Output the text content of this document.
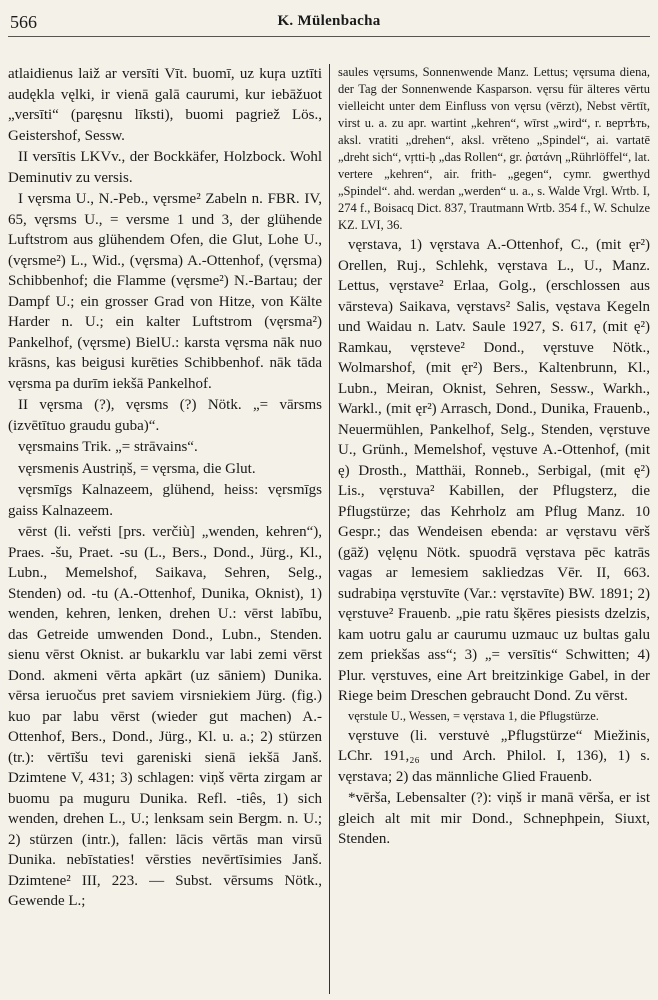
566	K. Mülenbacha

atlaidienus laiž ar versīti Vīt. buomī, uz kuŗa uztīti audękla vęlki, ir vienā galā caurumi, kur iebāžuot „versīti“ (paręsnu līksti), buomi pagriež Lös., Geistershof, Sessw.

II versītis LKVv., der Bockkäfer, Holzbock. Wohl Deminutiv zu versis.

I vęrsma U., N.-Peb., vęrsme² Zabeln n. FBR. IV, 65, vęrsms U., = versme 1 und 3, der glühende Luftstrom aus glühendem Ofen, die Glut, Lohe U., (vęrsme²) L., Wid., (vęrsma) A.-Ottenhof, (vęrsma) Schibbenhof; die Flamme (vęrsme²) N.-Bartau; der Dampf U.; ein grosser Grad von Hitze, von Kälte Harder n. U.; ein kalter Luftstrom (vęrsma²) Pankelhof, (vęrsme) BielU.: karsta vęrsma nāk nuo krāsns, kas beigusi kurēties Schibbenhof. nāk tāda vęrsma pa durīm iekšā Pankelhof.

II vęrsma (?), vęrsms (?) Nötk. „= vārsms (izvētītuo graudu guba)“.

vęrsmains Trik. „= strāvains“.

vęrsmenis Austriņš, = vęrsma, die Glut.

vęrsmīgs Kalnazeem, glühend, heiss: vęrsmīgs gaiss Kalnazeem.

vērst (li. veřsti [prs. verčiù] „wenden, kehren“), Praes. -šu, Praet. -su (L., Bers., Dond., Jürg., Kl., Lubn., Memelshof, Saikava, Sehren, Selg., Stenden) od. -tu (A.-Ottenhof, Dunika, Oknist), 1) wenden, kehren, lenken, drehen U.: vērst labību, das Getreide umwenden Dond., Lubn., Stenden. sienu vērst Oknist. ar bukarklu var labi zemi vērst Dond. akmeni vērta apkārt (uz sāniem) Dunika. vērsa ieruočus pret saviem virsniekiem Jürg. (fig.) kuo par labu vērst (wieder gut machen) A.-Ottenhof, Bers., Dond., Jürg., Kl. u. a.; 2) stürzen (tr.): vērtīšu tevi gareniski sienā iekšā Janš. Dzimtene V, 431; 3) schlagen: viņš vērta zirgam ar buomu pa muguru Dunika. Refl. -tiês, 1) sich wenden, drehen L., U.; lenksam sein Bergm. n. U.; 2) stürzen (intr.), fallen: lācis vērtās man virsū Dunika. nebīstaties! vērsties nevērtīsimies Janš. Dzimtene² III, 223. — Subst. vērsums Nötk., Gewende L.;

saules vęrsums, Sonnenwende Manz. Lettus; vęrsuma diena, der Tag der Sonnenwende Kasparson. vęrsu für älteres vērtu vielleicht unter dem Einfluss von vęrsu (vērzt), Nebst vērtīt, virst u. a. zu apr. wartint „kehren“, wīrst „wird“, r. вертѣть, aksl. vratiti „drehen“, aksl. vrěteno „Spindel“, ai. vartatē „dreht sich“, vŗtti-ḥ „das Rollen“, gr. ῥατάνη „Rührlöffel“, lat. vertere „kehren“, air. frith- „gegen“, cymr. gwerthyd „Spindel“. ahd. werdan „werden“ u. a., s. Walde Vrgl. Wrtb. I, 274 f., Boisacq Dict. 837, Trautmann Wrtb. 354 f., W. Schulze KZ. LVI, 36.

vęrstava, 1) vęrstava A.-Ottenhof, C., (mit ęr²) Orellen, Ruj., Schlehk, vęrstava L., U., Manz. Lettus, vęrstave² Erlaa, Golg., (erschlossen aus vārsteva) Saikava, vęrstavs² Salis, vęstava Kegeln und Waidau n. Latv. Saule 1927, S. 617, (mit ę²) Ramkau, vęrsteve² Dond., vęrstuve Nötk., Wolmarshof, (mit ęr²) Bers., Kaltenbrunn, Kl., Lubn., Meiran, Oknist, Sehren, Sessw., Warkh., Warkl., (mit ęr²) Arrasch, Dond., Dunika, Frauenb., Neuermühlen, Pankelhof, Selg., Stenden, vęrstuve U., Grünh., Memelshof, vęstuve A.-Ottenhof, (mit ę) Drosth., Matthäi, Ronneb., Serbigal, (mit ę²) Lis., vęrstuva² Kabillen, der Pflugsterz, die Pflugstürze; das Kehrholz am Pflug Manz. 10 Gespr.; das Wendeisen ebenda: ar vęrstavu vērš (gāž) vęlęnu Nötk. spuodrā vęrstava pēc katrās vagas ar lemesiem sakliedzas Vēr. II, 663. sudrabiņa vęrstuvīte (Var.: vęrstavīte) BW. 1891; 2) vęrstuve² Frauenb. „pie ratu šķēres piesists dzelzis, kam uotru galu ar caurumu uzmauc uz bultas galu zem priekšas ass“; 3) „= versītis“ Schwitten; 4) Plur. vęrstuves, eine Art breitzinkige Gabel, in der Riege beim Dreschen gebraucht Dond. Zu vērst.

vęrstule U., Wessen, = vęrstava 1, die Pflugstürze.

vęrstuve (li. verstuvė „Pflugstürze“ Miežinis, LChr. 191,₂₆ und Arch. Philol. I, 136), 1) s. vęrstava; 2) das männliche Glied Frauenb.

*vērša, Lebensalter (?): viņš ir manā vērša, er ist gleich alt mit mir Dond., Schnephpein, Siuxt, Stenden.
